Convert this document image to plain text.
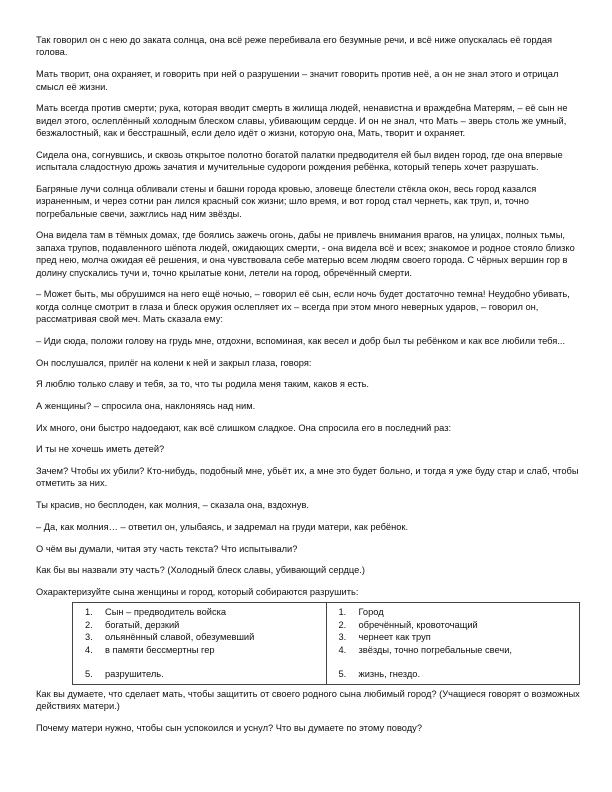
Так говорил он с нею до заката солнца, она всё реже перебивала его безумные речи, и всё ниже опускалась её гордая голова.

Мать творит, она охраняет, и говорить при ней о разрушении – значит говорить против неё, а он не знал этого и отрицал смысл её жизни.

Мать всегда против смерти; рука, которая вводит смерть в жилища людей, ненавистна и враждебна Матерям, – её сын не видел этого, ослеплённый холодным блеском славы, убивающим сердце. И он не знал, что Мать – зверь столь же умный, безжалостный, как и бесстрашный, если дело идёт о жизни, которую она, Мать, творит и охраняет.

Сидела она, согнувшись, и сквозь открытое полотно богатой палатки предводителя ей был виден город, где она впервые испытала сладостную дрожь зачатия и мучительные судороги рождения ребёнка, который теперь хочет разрушать.

Багряные лучи солнца обливали стены и башни города кровью, зловеще блестели стёкла окон, весь город казался израненным, и через сотни ран лился красный сок жизни; шло время, и вот город стал чернеть, как труп, и, точно погребальные свечи, зажглись над ним звёзды.

Она видела там в тёмных домах, где боялись зажечь огонь, дабы не привлечь внимания врагов, на улицах, полных тьмы, запаха трупов, подавленного шёпота людей, ожидающих смерти, - она видела всё и всех; знакомое и родное стояло близко пред нею, молча ожидая её решения, и она чувствовала себе матерью всем людям своего города. С чёрных вершин гор в долину спускались тучи и, точно крылатые кони, летели на город, обречённый смерти.

– Может быть, мы обрушимся на него ещё ночью, – говорил её сын, если ночь будет достаточно темна! Неудобно убивать, когда солнце смотрит в глаза и блеск оружия ослепляет их – всегда при этом много неверных ударов, – говорил он, рассматривая свой меч. Мать сказала ему:

– Иди сюда, положи голову на грудь мне, отдохни, вспоминая, как весел и добр был ты ребёнком и как все любили тебя...

Он послушался, прилёг на колени к ней и закрыл глаза, говоря:

Я люблю только славу и тебя, за то, что ты родила меня таким, каков я есть.

А женщины? – спросила она, наклоняясь над ним.

Их много, они быстро надоедают, как всё слишком сладкое. Она спросила его в последний раз:

И ты не хочешь иметь детей?

Зачем? Чтобы их убили? Кто-нибудь, подобный мне, убьёт их, а мне это будет больно, и тогда я уже буду стар и слаб, чтобы отметить за них.

Ты красив, но бесплоден, как молния, – сказала она, вздохнув.

– Да, как молния… – ответил он, улыбаясь, и задремал на груди матери, как ребёнок.

О чём вы думали, читая эту часть текста? Что испытывали?

Как бы вы назвали эту часть? (Холодный блеск славы, убивающий сердце.)

Охарактеризуйте сына женщины и город, который собираются разрушить:

1.	Сын – предводитель войска
2.	богатый, дерзкий
3.	ольянённый славой, обезумевший
4.	в памяти бессмертны гер
5.	разрушитель.

1.	Город
2.	обречённый, кровоточащий
3.	чернеет как труп
4.	звёзды, точно погребальные свечи,
5.	жизнь, гнездо.

Как вы думаете, что сделает мать, чтобы защитить от своего родного сына любимый город? (Учащиеся говорят о возможных действиях матери.)

Почему матери нужно, чтобы сын успокоился и уснул? Что вы думаете по этому поводу?
